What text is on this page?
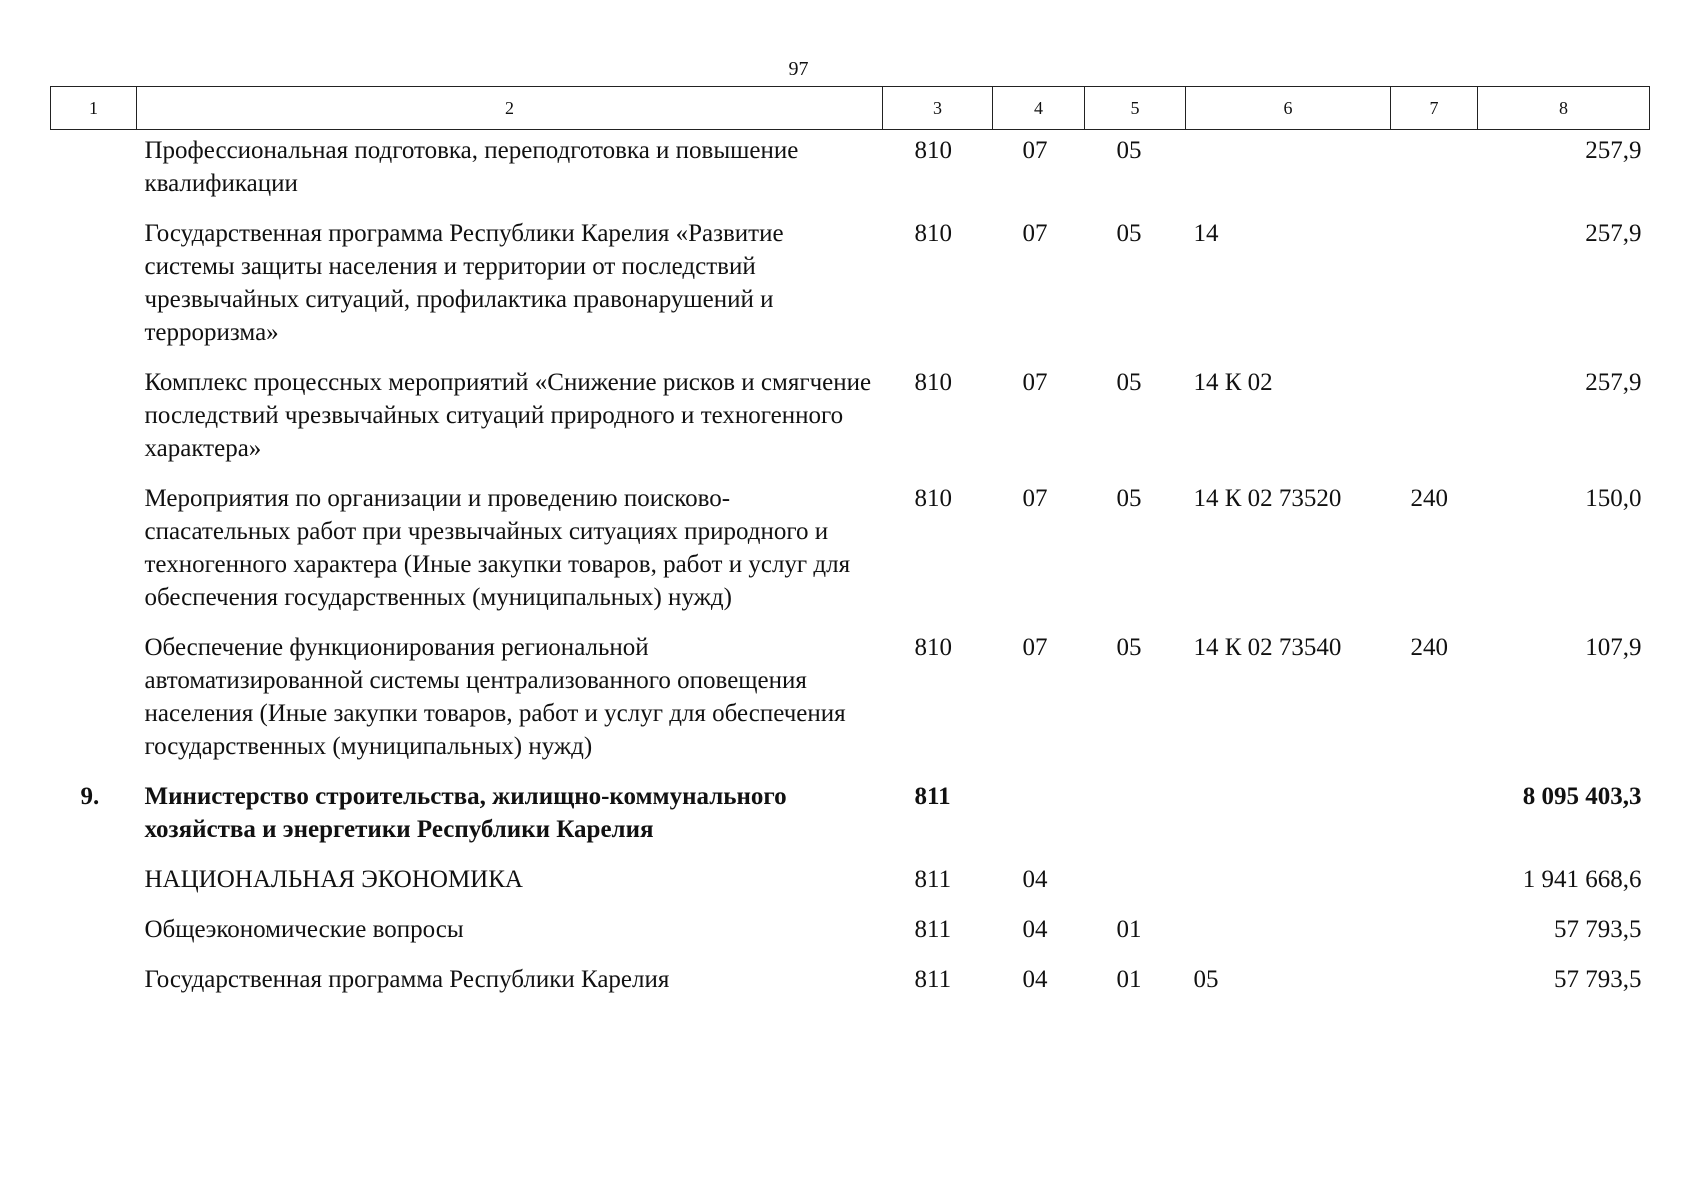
97
1	2	3	4	5	6	7	8
	Профессиональная подготовка, переподготовка и повышение квалификации	810	07	05			257,9
	Государственная программа Республики Карелия «Развитие системы защиты населения и территории от последствий чрезвычайных ситуаций, профилактика правонарушений и терроризма»	810	07	05	14		257,9
	Комплекс процессных мероприятий «Снижение рисков и смягчение последствий чрезвычайных ситуаций природного и техногенного характера»	810	07	05	14 К 02		257,9
	Мероприятия по организации и проведению поисково-спасательных работ при чрезвычайных ситуациях природного и техногенного характера (Иные закупки товаров, работ и услуг для обеспечения государственных (муниципальных) нужд)	810	07	05	14 К 02 73520	240	150,0
	Обеспечение функционирования региональной автоматизированной системы централизованного оповещения населения (Иные закупки товаров, работ и услуг для обеспечения государственных (муниципальных) нужд)	810	07	05	14 К 02 73540	240	107,9
9.	Министерство строительства, жилищно-коммунального хозяйства и энергетики Республики Карелия	811					8 095 403,3
	НАЦИОНАЛЬНАЯ ЭКОНОМИКА	811	04				1 941 668,6
	Общеэкономические вопросы	811	04	01			57 793,5
	Государственная программа Республики Карелия	811	04	01	05		57 793,5
